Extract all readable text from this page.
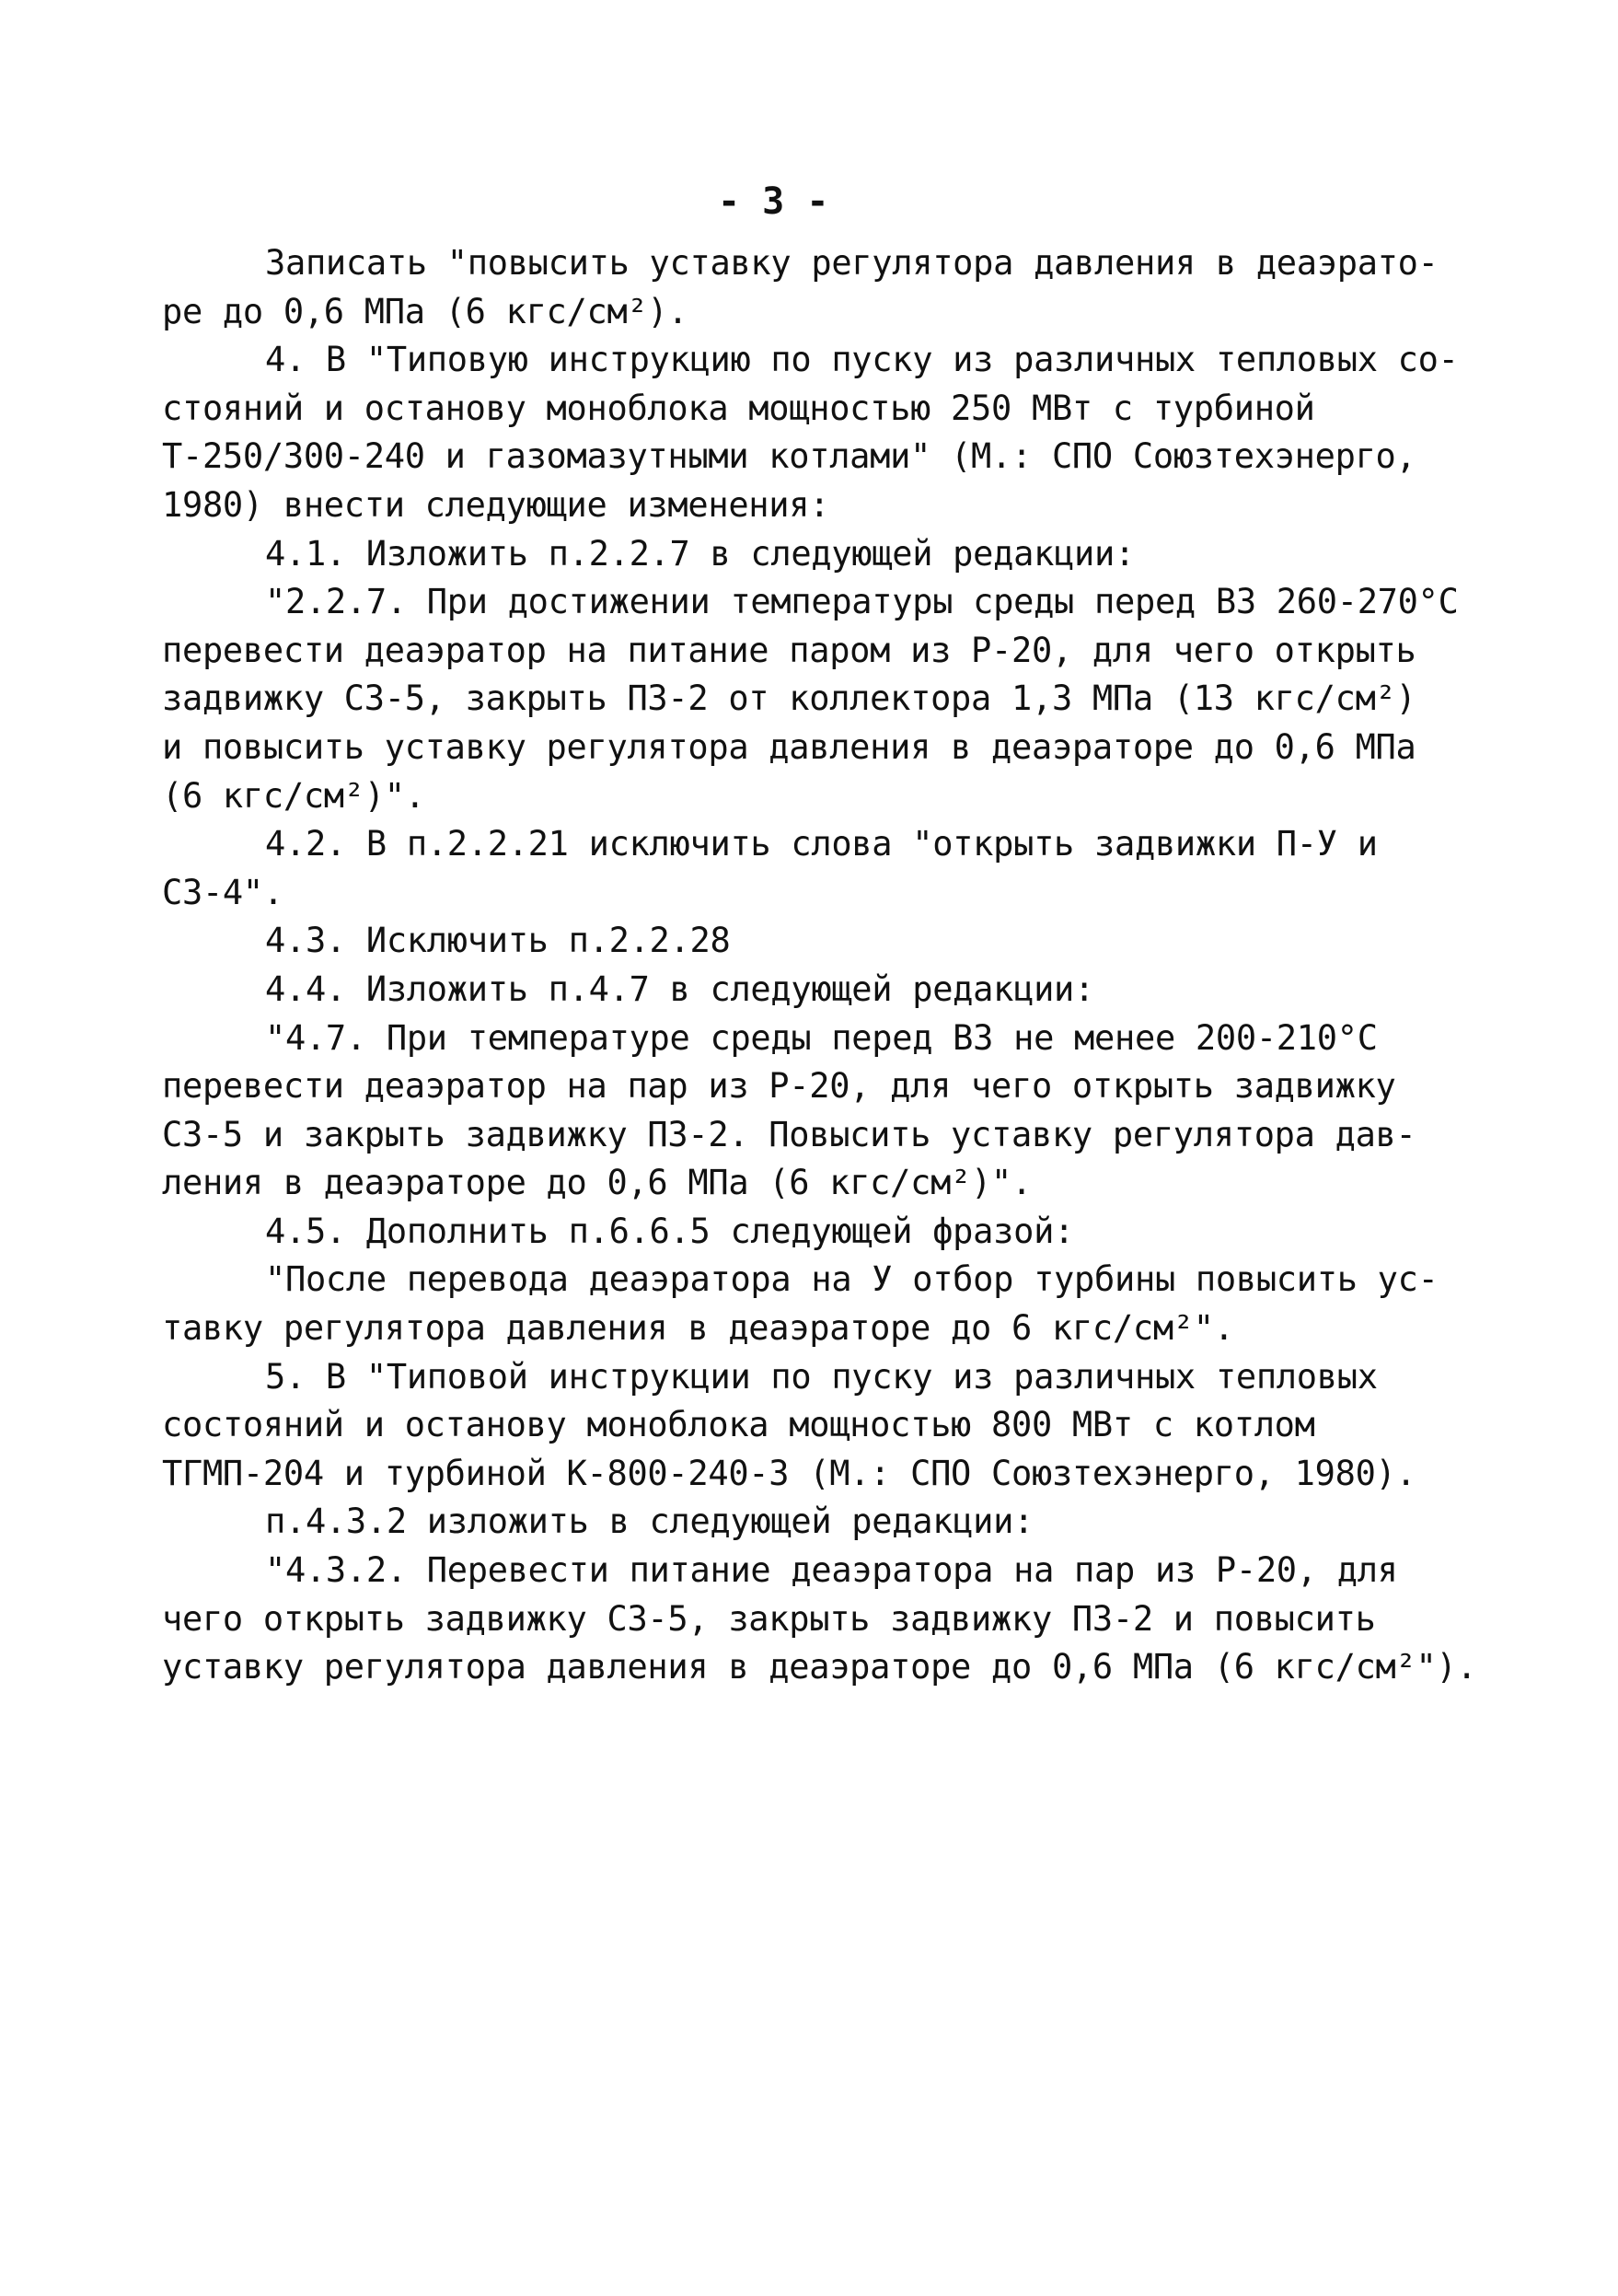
- 3 -
Записать "повысить уставку регулятора давления в деаэрато-
ре до 0,6 МПа (6 кгс/см²).
4. В "Типовую инструкцию по пуску из различных тепловых со-
стояний и останову моноблока мощностью 250 МВт с турбиной
Т-250/300-240 и газомазутными котлами" (М.: СПО Союзтехэнерго,
1980) внести следующие изменения:
4.1. Изложить п.2.2.7 в следующей редакции:
"2.2.7. При достижении температуры среды перед ВЗ 260-270°С
перевести деаэратор на питание паром из Р-20, для чего открыть
задвижку СЗ-5, закрыть ПЗ-2 от коллектора 1,3 МПа (13 кгс/см²)
и повысить уставку регулятора давления в деаэраторе до 0,6 МПа
(6 кгс/см²)".
4.2. В п.2.2.21 исключить слова "открыть задвижки П-У и
СЗ-4".
4.3. Исключить п.2.2.28
4.4. Изложить п.4.7 в следующей редакции:
"4.7. При температуре среды перед ВЗ не менее 200-210°С
перевести деаэратор на пар из Р-20, для чего открыть задвижку
СЗ-5 и закрыть задвижку ПЗ-2. Повысить уставку регулятора дав-
ления в деаэраторе до 0,6 МПа (6 кгс/см²)".
4.5. Дополнить п.6.6.5 следующей фразой:
"После перевода деаэратора на У отбор турбины повысить ус-
тавку регулятора давления в деаэраторе до 6 кгс/см²".
5. В "Типовой инструкции по пуску из различных тепловых
состояний и останову моноблока мощностью 800 МВт с котлом
ТГМП-204 и турбиной К-800-240-3 (М.: СПО Союзтехэнерго, 1980).
п.4.3.2 изложить в следующей редакции:
"4.3.2. Перевести питание деаэратора на пар из Р-20, для
чего открыть задвижку СЗ-5, закрыть задвижку ПЗ-2 и повысить
уставку регулятора давления в деаэраторе до 0,6 МПа (6 кгс/см²").
